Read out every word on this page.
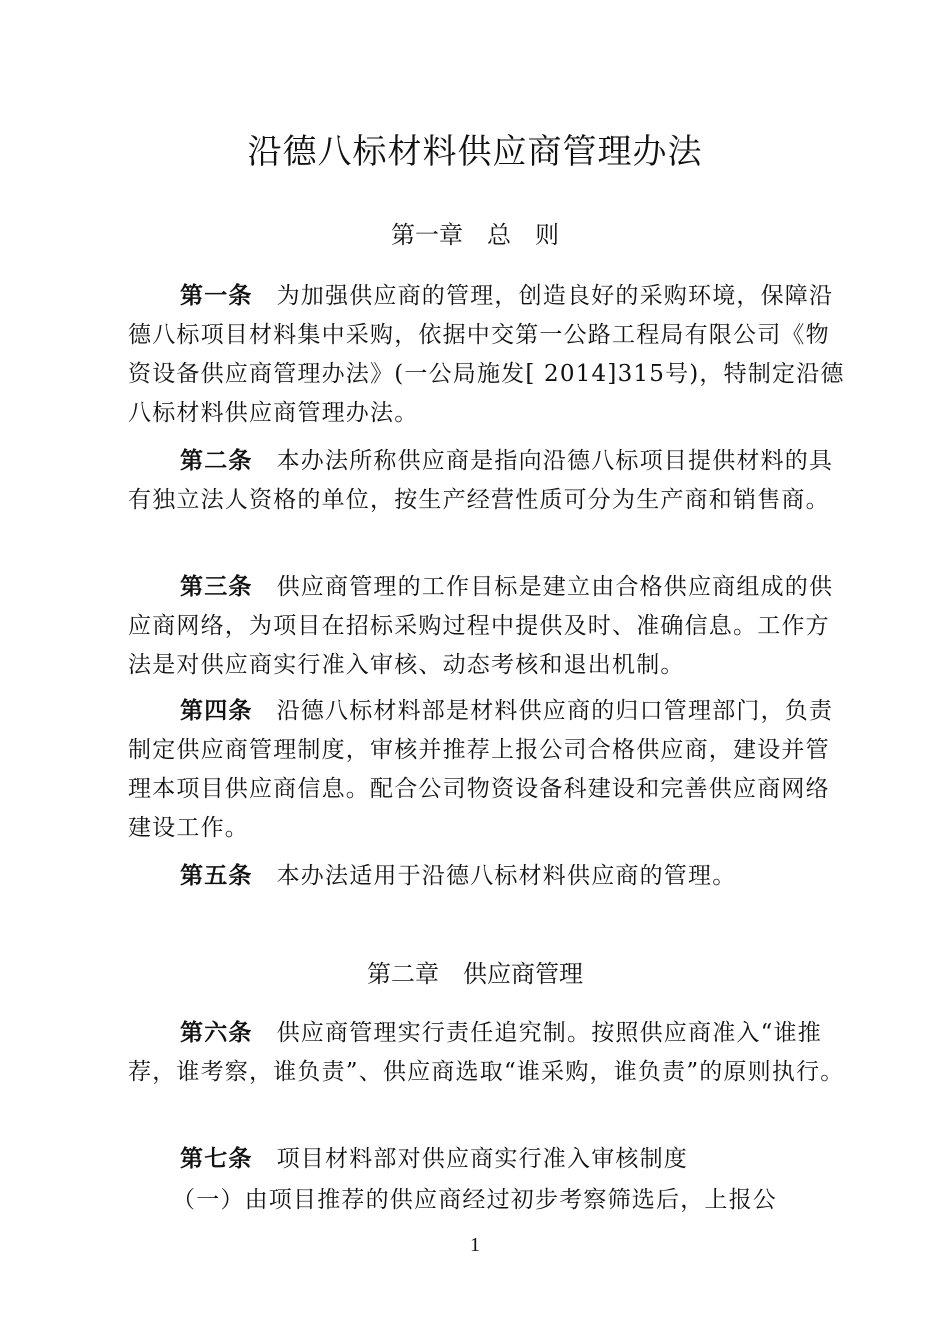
沿德八标材料供应商管理办法
第一章　总　则
第一条 为加强供应商的管理，创造良好的采购环境，保障沿德八标项目材料集中采购，依据中交第一公路工程局有限公司《物资设备供应商管理办法》(一公局施发[ 2014]315号)，特制定沿德八标材料供应商管理办法。
第二条 本办法所称供应商是指向沿德八标项目提供材料的具有独立法人资格的单位，按生产经营性质可分为生产商和销售商。
第三条 供应商管理的工作目标是建立由合格供应商组成的供应商网络，为项目在招标采购过程中提供及时、准确信息。工作方法是对供应商实行准入审核、动态考核和退出机制。
第四条 沿德八标材料部是材料供应商的归口管理部门，负责制定供应商管理制度，审核并推荐上报公司合格供应商，建设并管理本项目供应商信息。配合公司物资设备科建设和完善供应商网络建设工作。
第五条 本办法适用于沿德八标材料供应商的管理。
第二章　供应商管理
第六条 供应商管理实行责任追究制。按照供应商准入“谁推荐，谁考察，谁负责”、供应商选取“谁采购，谁负责”的原则执行。
第七条 项目材料部对供应商实行准入审核制度
（一）由项目推荐的供应商经过初步考察筛选后，上报公
1
